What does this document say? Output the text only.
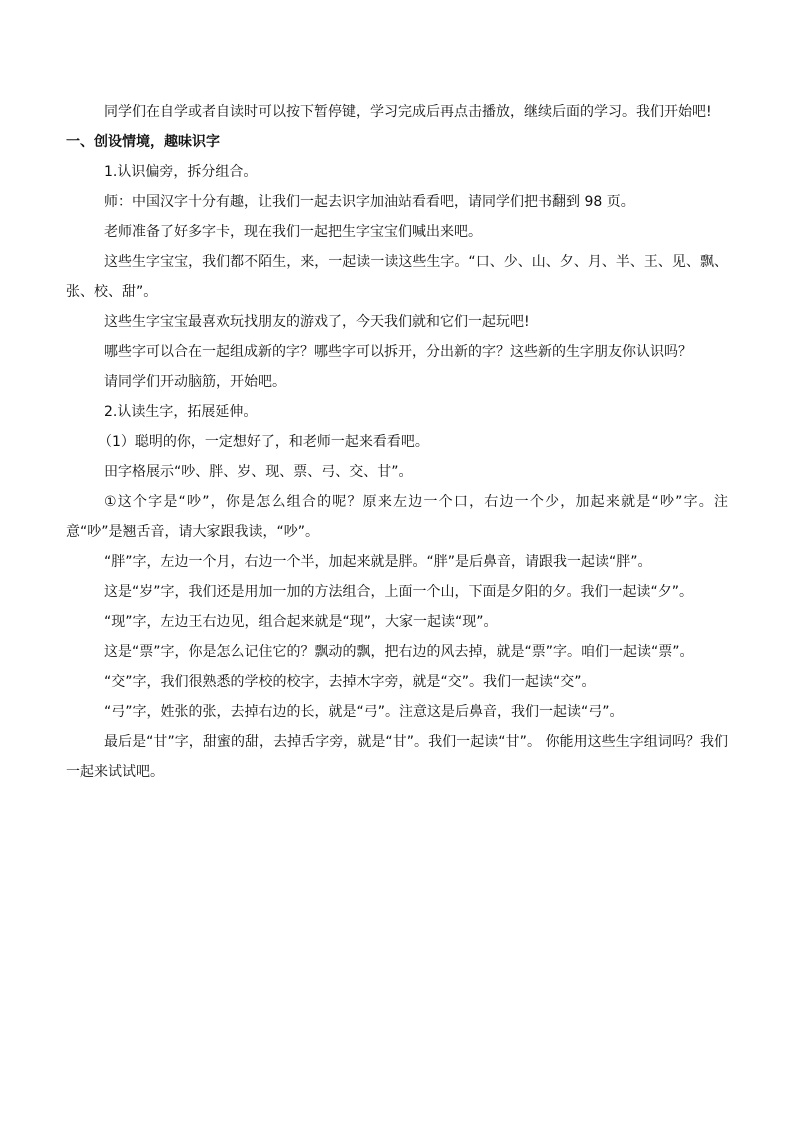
同学们在自学或者自读时可以按下暂停键，学习完成后再点击播放，继续后面的学习。我们开始吧!

一、创设情境，趣味识字

1.认识偏旁，拆分组合。

师：中国汉字十分有趣，让我们一起去识字加油站看看吧，请同学们把书翻到 98 页。

老师准备了好多字卡，现在我们一起把生字宝宝们喊出来吧。

这些生字宝宝，我们都不陌生，来，一起读一读这些生字。“口、少、山、夕、月、半、王、见、飘、张、校、甜”。

这些生字宝宝最喜欢玩找朋友的游戏了，今天我们就和它们一起玩吧!

哪些字可以合在一起组成新的字？哪些字可以拆开，分出新的字？这些新的生字朋友你认识吗？

请同学们开动脑筋，开始吧。

2.认读生字，拓展延伸。

（1）聪明的你，一定想好了，和老师一起来看看吧。

田字格展示“吵、胖、岁、现、票、弓、交、甘”。

①这个字是“吵”，你是怎么组合的呢？原来左边一个口，右边一个少，加起来就是“吵”字。注意“吵”是翘舌音，请大家跟我读，“吵”。

“胖”字，左边一个月，右边一个半，加起来就是胖。“胖”是后鼻音，请跟我一起读“胖”。

这是“岁”字，我们还是用加一加的方法组合，上面一个山，下面是夕阳的夕。我们一起读“夕”。

“现”字，左边王右边见，组合起来就是“现”，大家一起读“现”。

这是“票”字，你是怎么记住它的？飘动的飘，把右边的风去掉，就是“票”字。咱们一起读“票”。

“交”字，我们很熟悉的学校的校字，去掉木字旁，就是“交”。我们一起读“交”。

“弓”字，姓张的张，去掉右边的长，就是“弓”。注意这是后鼻音，我们一起读“弓”。

最后是“甘”字，甜蜜的甜，去掉舌字旁，就是“甘”。我们一起读“甘”。 你能用这些生字组词吗？我们一起来试试吧。
